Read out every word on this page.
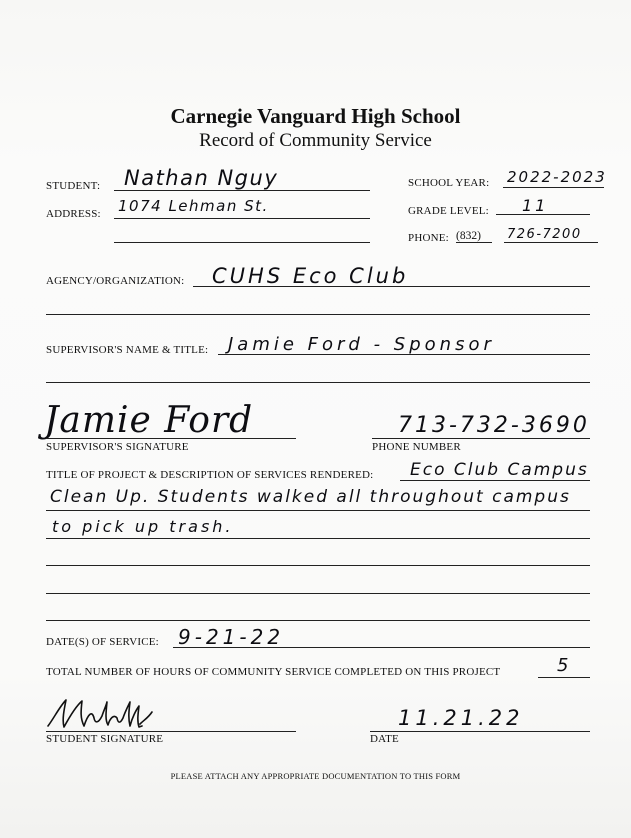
Carnegie Vanguard High School
Record of Community Service
STUDENT: Nathan Nguy	SCHOOL YEAR: 2022-2023
ADDRESS: 1074 Lehman St.	GRADE LEVEL: 11
PHONE: (832) 726-7200
AGENCY/ORGANIZATION: CUHS Eco Club
SUPERVISOR'S NAME & TITLE: Jamie Ford - Sponsor
Jamie Ford
SUPERVISOR'S SIGNATURE
713-732-3690
PHONE NUMBER
TITLE OF PROJECT & DESCRIPTION OF SERVICES RENDERED: Eco Club Campus
Clean Up. Students walked all throughout campus
to pick up trash.
DATE(S) OF SERVICE: 9-21-22
TOTAL NUMBER OF HOURS OF COMMUNITY SERVICE COMPLETED ON THIS PROJECT	5
STUDENT SIGNATURE
11.21.22
DATE
PLEASE ATTACH ANY APPROPRIATE DOCUMENTATION TO THIS FORM
